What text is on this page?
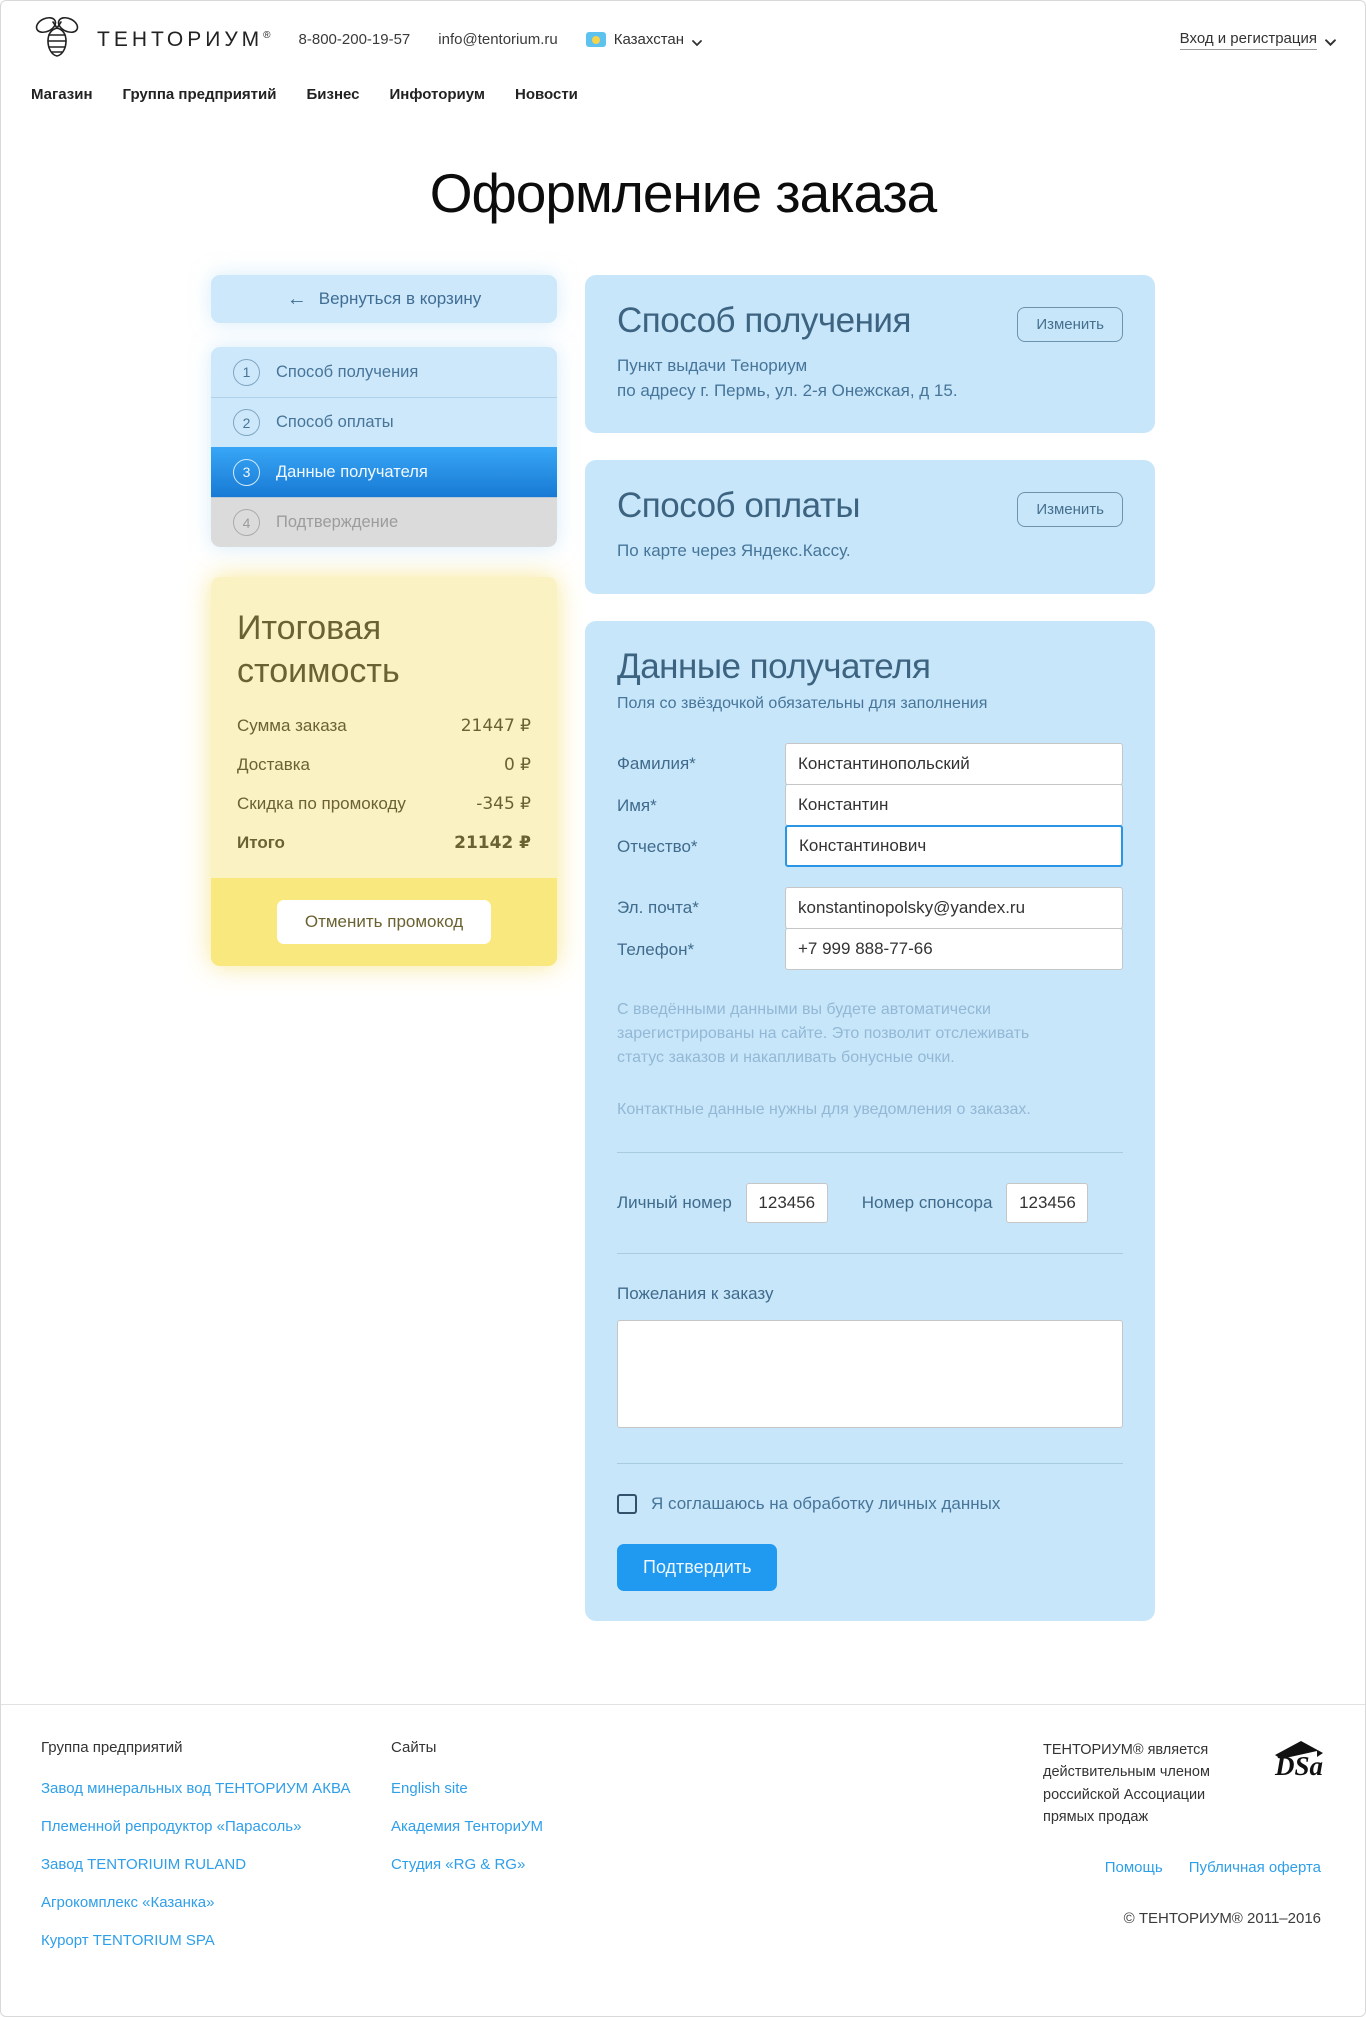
ТЕНТОРИУМ® 8-800-200-19-57 info@tentorium.ru	Казахстан	Вход и регистрация
Магазин Группа предприятий Бизнес Инфоториум Новости
Оформление заказа
← Вернуться в корзину
1	Способ получения
2	Способ оплаты
3	Данные получателя
4	Подтверждение
Итоговая
стоимость
Сумма заказа	21447 ₽
Доставка	0 ₽
Скидка по промокоду	-345 ₽
Итого	21142 ₽
Отменить промокод
Способ получения	Изменить
Пункт выдачи Тенориум
по адресу г. Пермь, ул. 2-я Онежская, д 15.
Способ оплаты	Изменить
По карте через Яндекс.Кассу.
Данные получателя
Поля со звёздочкой обязательны для заполнения
Фамилия*
Константинопольский
Имя*
Константин
Отчество*
Константинович
Эл. почта*
konstantinopolsky@yandex.ru
Телефон*
+7 999 888-77-66

С введёнными данными вы будете автоматически зарегистрированы на сайте. Это позволит отслеживать статус заказов и накапливать бонусные очки.

Контактные данные нужны для уведомления о заказах.

Личный номер
123456	Номер спонсора
123456
Пожелания к заказу
Я соглашаюсь на обработку личных данных
Подтвердить
Группа предприятий
Завод минеральных вод ТЕНТОРИУМ АКВА
Племенной репродуктор «Парасоль»
Завод TENTORIUIM RULAND
Агрокомплекс «Казанка»
Курорт TENTORIUM SPA
Сайты
English site
Академия ТенториУМ
Студия «RG & RG»
ТЕНТОРИУМ® является действительным членом российской Ассоциации прямых продаж
DSa
Помощь Публичная оферта
© ТЕНТОРИУМ® 2011–2016
